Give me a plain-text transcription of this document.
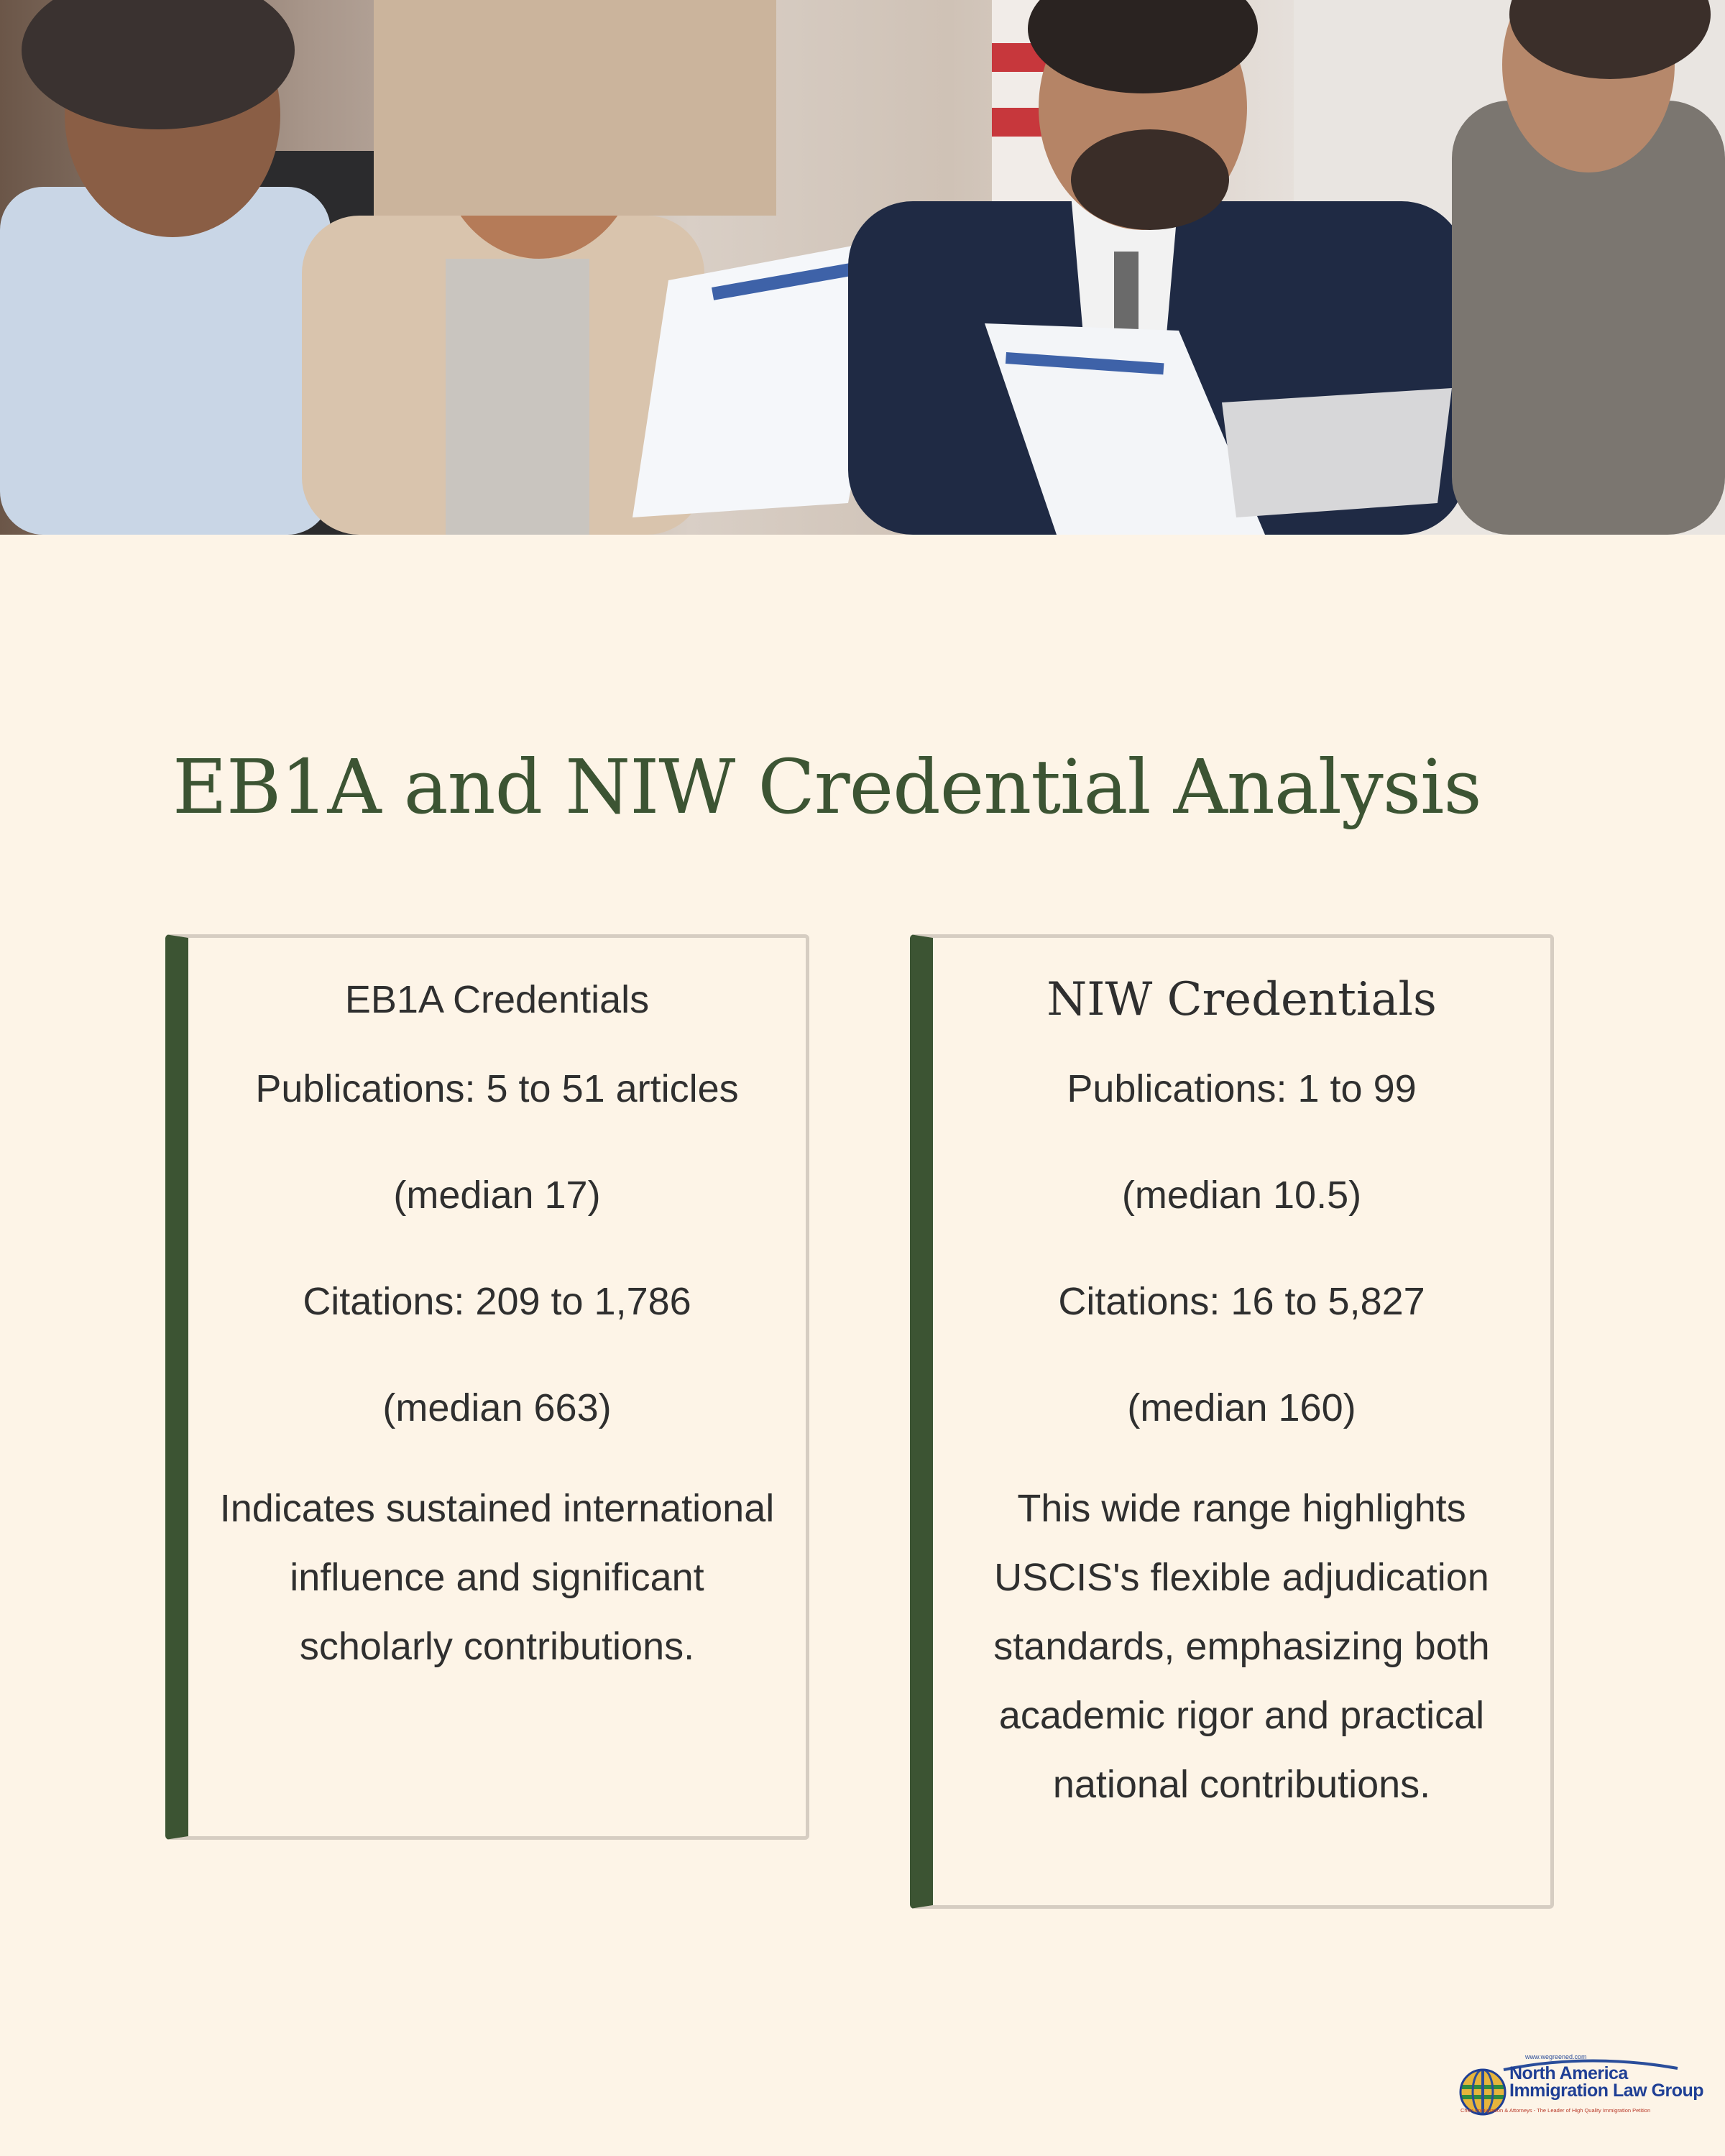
EB1A and NIW Credential Analysis

EB1A Credentials

Publications: 5 to 51 articles

(median 17)

Citations: 209 to 1,786

(median 663)

Indicates sustained international influence and significant scholarly contributions.

NIW Credentials

Publications: 1 to 99

(median 10.5)

Citations: 16 to 5,827

(median 160)

This wide range highlights USCIS's flexible adjudication standards, emphasizing both academic rigor and practical national contributions.

www.wegreened.com
North America
Immigration Law Group
Chen Immigration & Attorneys - The Leader of High Quality Immigration Petition
